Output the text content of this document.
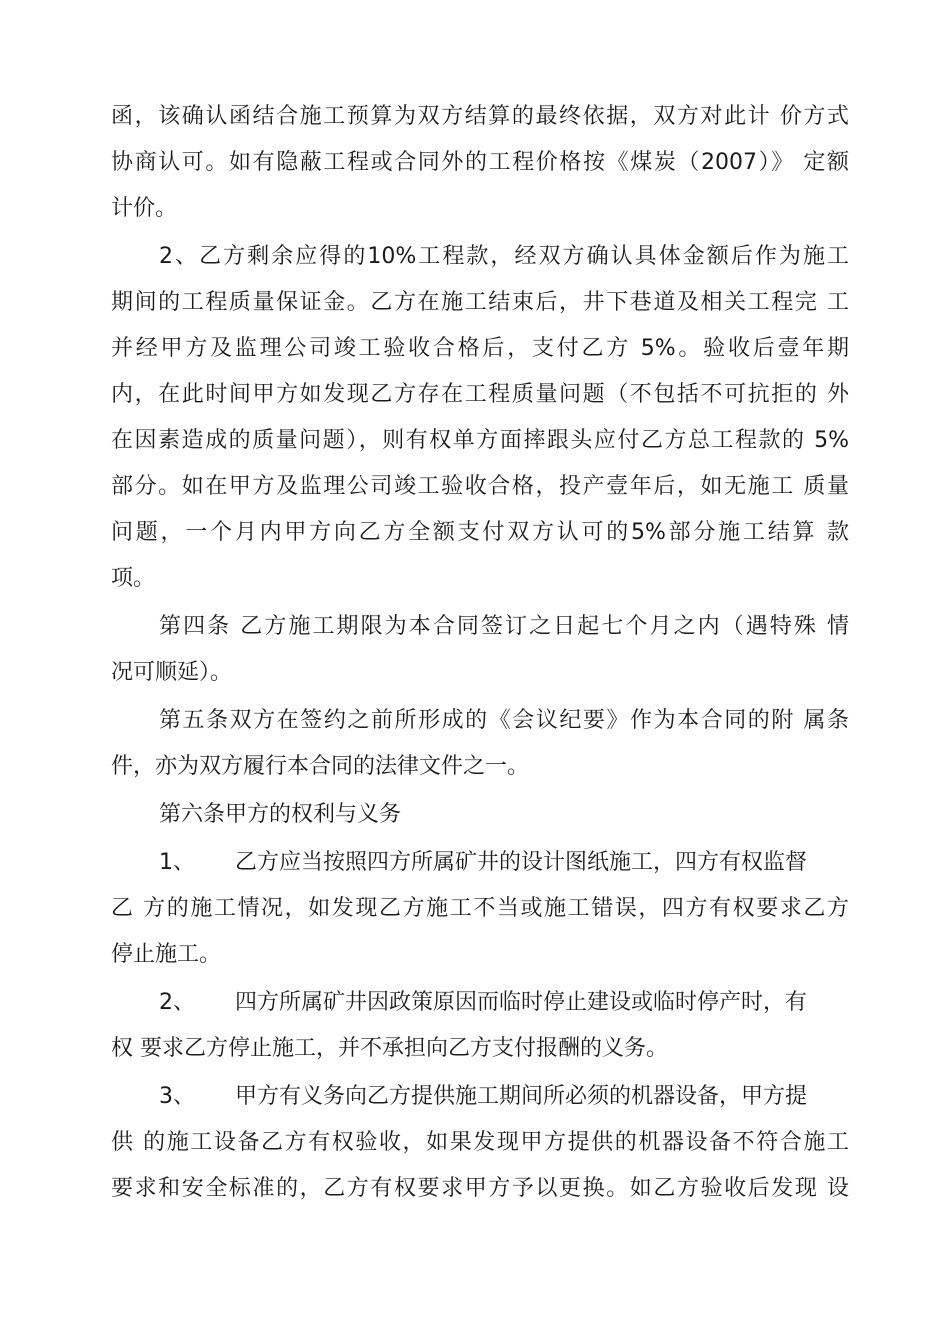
函，该确认函结合施工预算为双方结算的最终依据，双方对此计 价方式
协商认可。如有隐蔽工程或合同外的工程价格按《煤炭（2007）》 定额
计价。
2、乙方剩余应得的10%工程款，经双方确认具体金额后作为施工
期间的工程质量保证金。乙方在施工结束后，井下巷道及相关工程完 工
并经甲方及监理公司竣工验收合格后，支付乙方 5%。验收后壹年期
内，在此时间甲方如发现乙方存在工程质量问题（不包括不可抗拒的 外
在因素造成的质量问题），则有权单方面摔跟头应付乙方总工程款的 5%
部分。如在甲方及监理公司竣工验收合格，投产壹年后，如无施工 质量
问题，一个月内甲方向乙方全额支付双方认可的5%部分施工结算 款
项。
第四条 乙方施工期限为本合同签订之日起七个月之内（遇特殊 情
况可顺延）。
第五条双方在签约之前所形成的《会议纪要》作为本合同的附 属条
件，亦为双方履行本合同的法律文件之一。
第六条甲方的权利与义务
1、 乙方应当按照四方所属矿井的设计图纸施工，四方有权监督
乙 方的施工情况，如发现乙方施工不当或施工错误，四方有权要求乙方
停止施工。
2、 四方所属矿井因政策原因而临时停止建设或临时停产时，有
权 要求乙方停止施工，并不承担向乙方支付报酬的义务。
3、 甲方有义务向乙方提供施工期间所必须的机器设备，甲方提
供 的施工设备乙方有权验收，如果发现甲方提供的机器设备不符合施工
要求和安全标准的，乙方有权要求甲方予以更换。如乙方验收后发现 设
